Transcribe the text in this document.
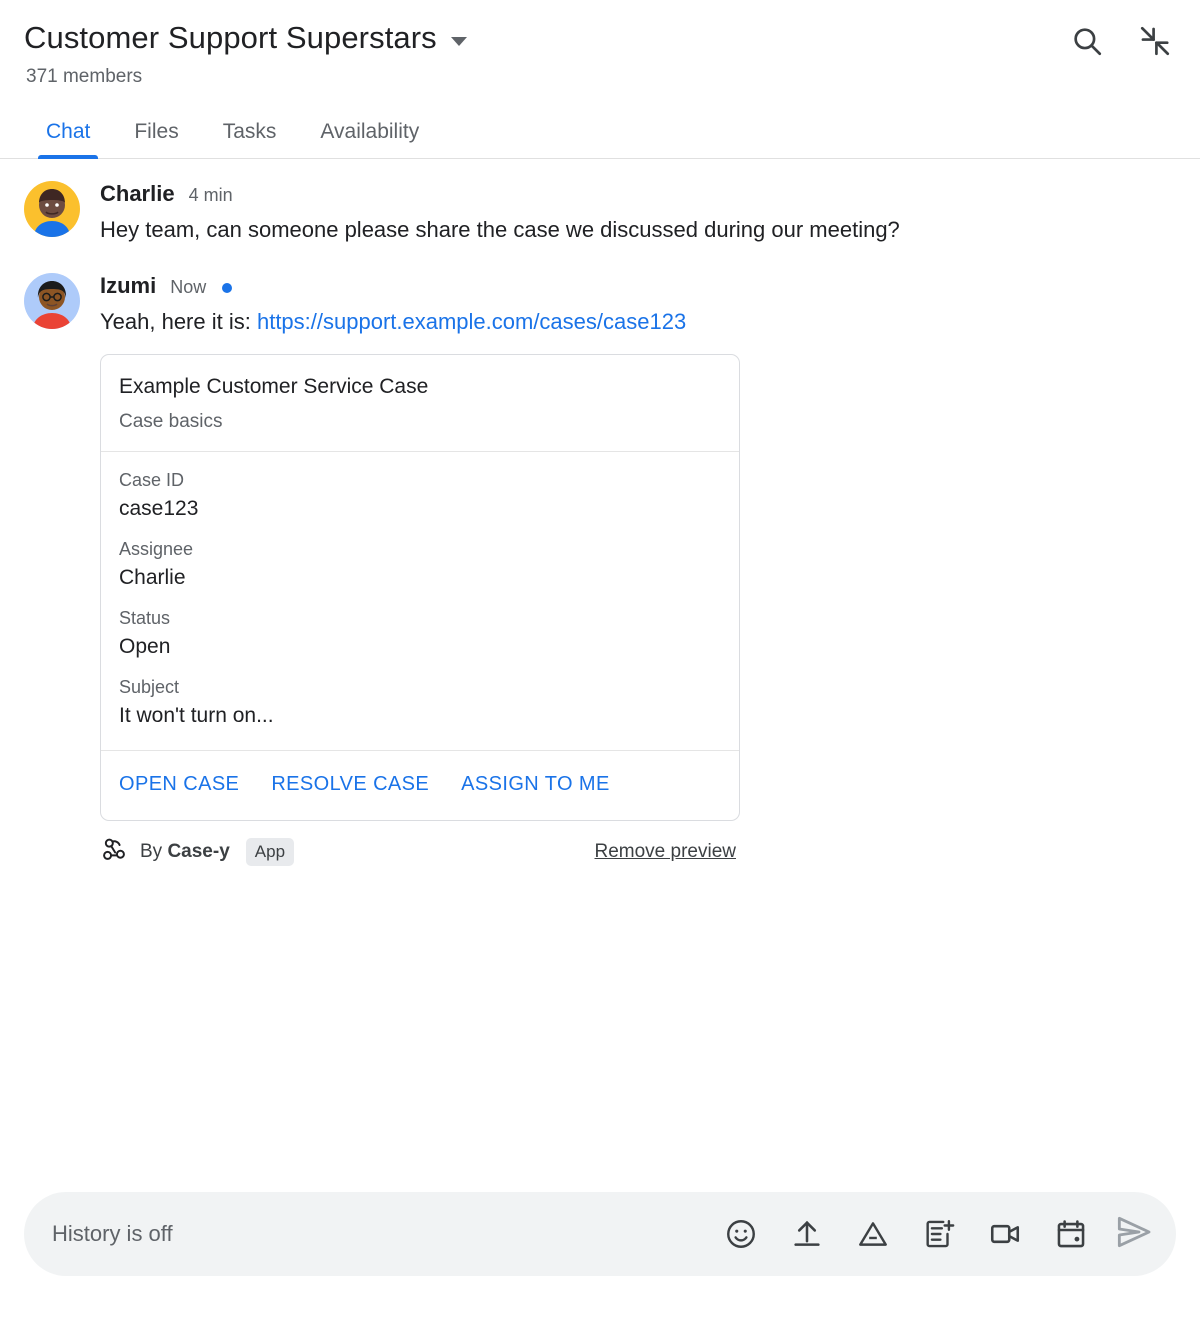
Customer Support Superstars
371 members
Chat	Files	Tasks	Availability
Charlie 4 min
Hey team, can someone please share the case we discussed during our meeting?
Izumi Now
Yeah, here it is: https://support.example.com/cases/case123
Example Customer Service Case
Case basics
Case ID
case123
Assignee
Charlie
Status
Open
Subject
It won't turn on...
OPEN CASE RESOLVE CASE ASSIGN TO ME
By Case-y	App	Remove preview
History is off
